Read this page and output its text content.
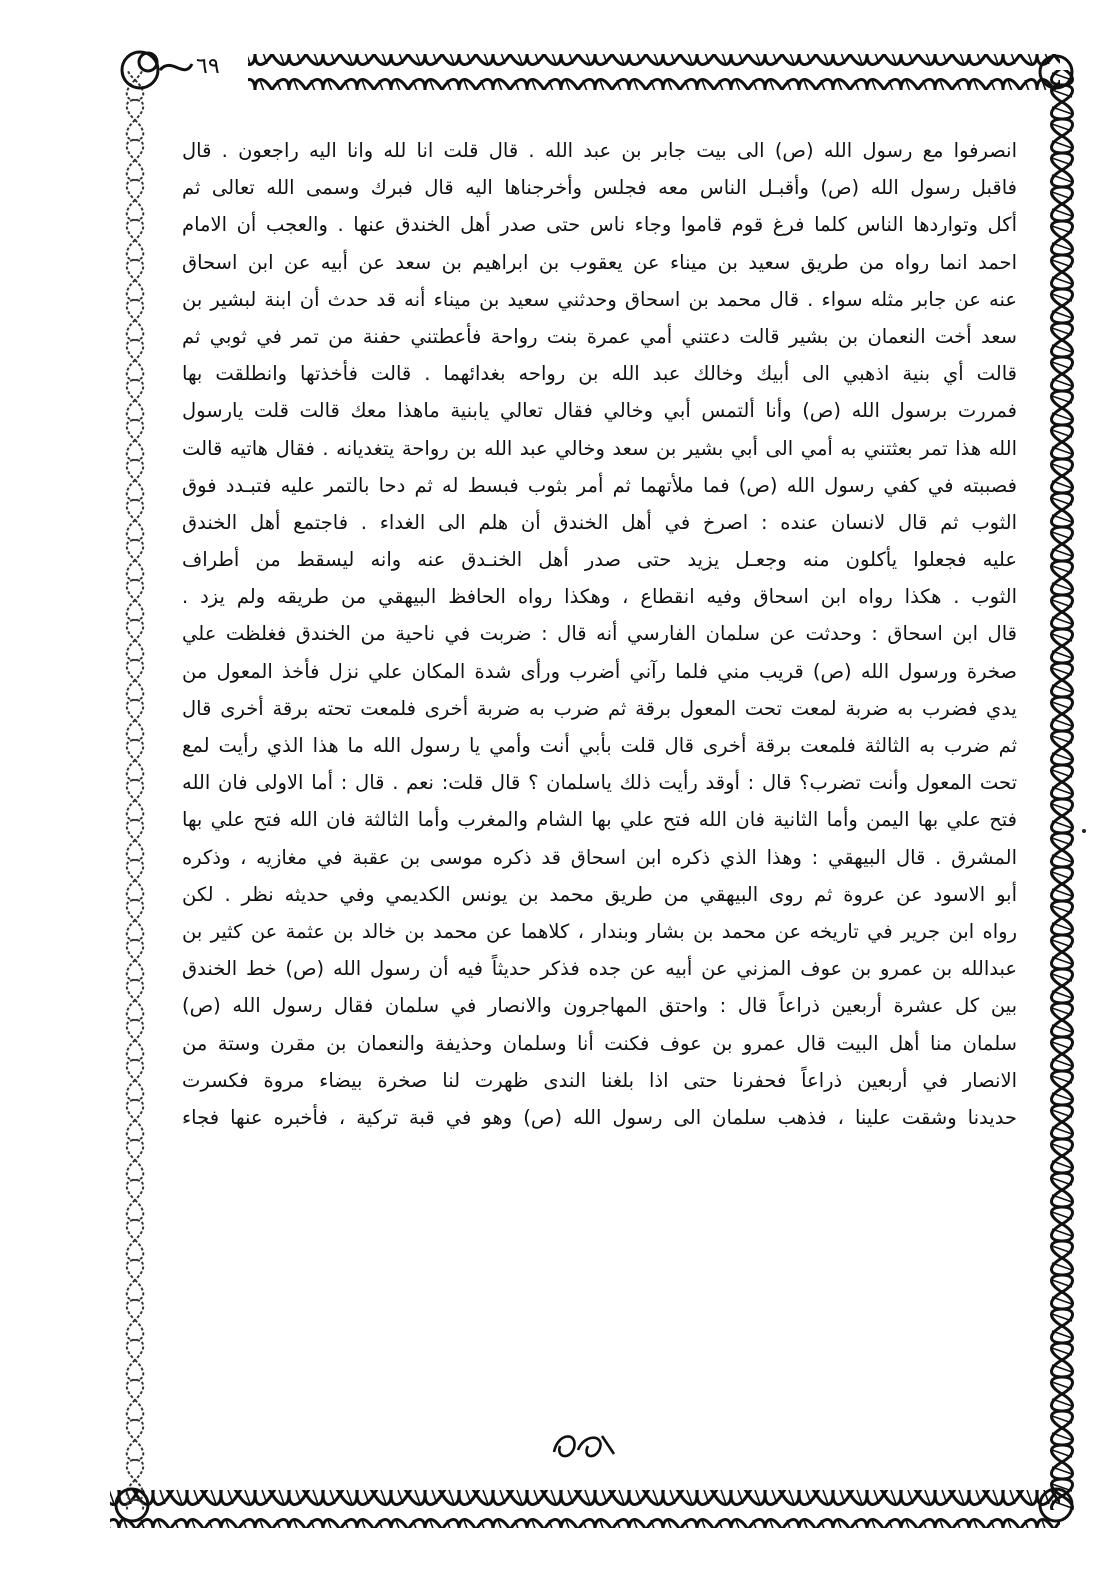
٦٩
انصرفوا مع رسول الله (ص) الى بيت جابر بن عبد الله . قال قلت انا لله وانا اليه راجعون . قال
فاقبل رسول الله (ص) وأقبـل الناس معه فجلس وأخرجناها اليه قال فبرك وسمى الله تعالى ثم
أكل وتواردها الناس كلما فرغ قوم قاموا وجاء ناس حتى صدر أهل الخندق عنها . والعجب أن الامام
احمد انما رواه من طريق سعيد بن ميناء عن يعقوب بن ابراهيم بن سعد عن أبيه عن ابن اسحاق
عنه عن جابر مثله سواء . قال محمد بن اسحاق وحدثني سعيد بن ميناء أنه قد حدث أن ابنة لبشير بن
سعد أخت النعمان بن بشير قالت دعتني أمي عمرة بنت رواحة فأعطتني حفنة من تمر في ثوبي ثم
قالت أي بنية اذهبي الى أبيك وخالك عبد الله بن رواحه بغدائهما . قالت فأخذتها وانطلقت بها
فمررت برسول الله (ص) وأنا ألتمس أبي وخالي فقال تعالي يابنية ماهذا معك قالت قلت يارسول
الله هذا تمر بعثتني به أمي الى أبي بشير بن سعد وخالي عبد الله بن رواحة يتغديانه . فقال هاتيه قالت
فصببته في كفي رسول الله (ص) فما ملأتهما ثم أمر بثوب فبسط له ثم دحا بالتمر عليه فتبـدد فوق
الثوب ثم قال لانسان عنده : اصرخ في أهل الخندق أن هلم الى الغداء . فاجتمع أهل الخندق
عليه فجعلوا يأكلون منه وجعـل يزيد حتى صدر أهل الخنـدق عنه وانه ليسقط من أطراف
الثوب . هكذا رواه ابن اسحاق وفيه انقطاع ، وهكذا رواه الحافظ البيهقي من طريقه ولم يزد .
قال ابن اسحاق : وحدثت عن سلمان الفارسي أنه قال : ضربت في ناحية من الخندق فغلظت علي
صخرة ورسول الله (ص) قريب مني فلما رآني أضرب ورأى شدة المكان علي نزل فأخذ المعول من
يدي فضرب به ضربة لمعت تحت المعول برقة ثم ضرب به ضربة أخرى فلمعت تحته برقة أخرى قال
ثم ضرب به الثالثة فلمعت برقة أخرى قال قلت بأبي أنت وأمي يا رسول الله ما هذا الذي رأيت لمع
تحت المعول وأنت تضرب؟ قال : أوقد رأيت ذلك ياسلمان ؟ قال قلت: نعم . قال : أما الاولى فان الله
فتح علي بها اليمن وأما الثانية فان الله فتح علي بها الشام والمغرب وأما الثالثة فان الله فتح علي بها
المشرق . قال البيهقي : وهذا الذي ذكره ابن اسحاق قد ذكره موسى بن عقبة في مغازيه ، وذكره
أبو الاسود عن عروة ثم روى البيهقي من طريق محمد بن يونس الكديمي وفي حديثه نظر . لكن
رواه ابن جرير في تاريخه عن محمد بن بشار وبندار ، كلاهما عن محمد بن خالد بن عثمة عن كثير بن
عبدالله بن عمرو بن عوف المزني عن أبيه عن جده فذكر حديثاً فيه أن رسول الله (ص) خط الخندق
بين كل عشرة أربعين ذراعاً قال : واحتق المهاجرون والانصار في سلمان فقال رسول الله (ص)
سلمان منا أهل البيت قال عمرو بن عوف فكنت أنا وسلمان وحذيفة والنعمان بن مقرن وستة من
الانصار في أربعين ذراعاً فحفرنا حتى اذا بلغنا الندى ظهرت لنا صخرة بيضاء مروة فكسرت
حديدنا وشقت علينا ، فذهب سلمان الى رسول الله (ص) وهو في قبة تركية ، فأخبره عنها فجاء
